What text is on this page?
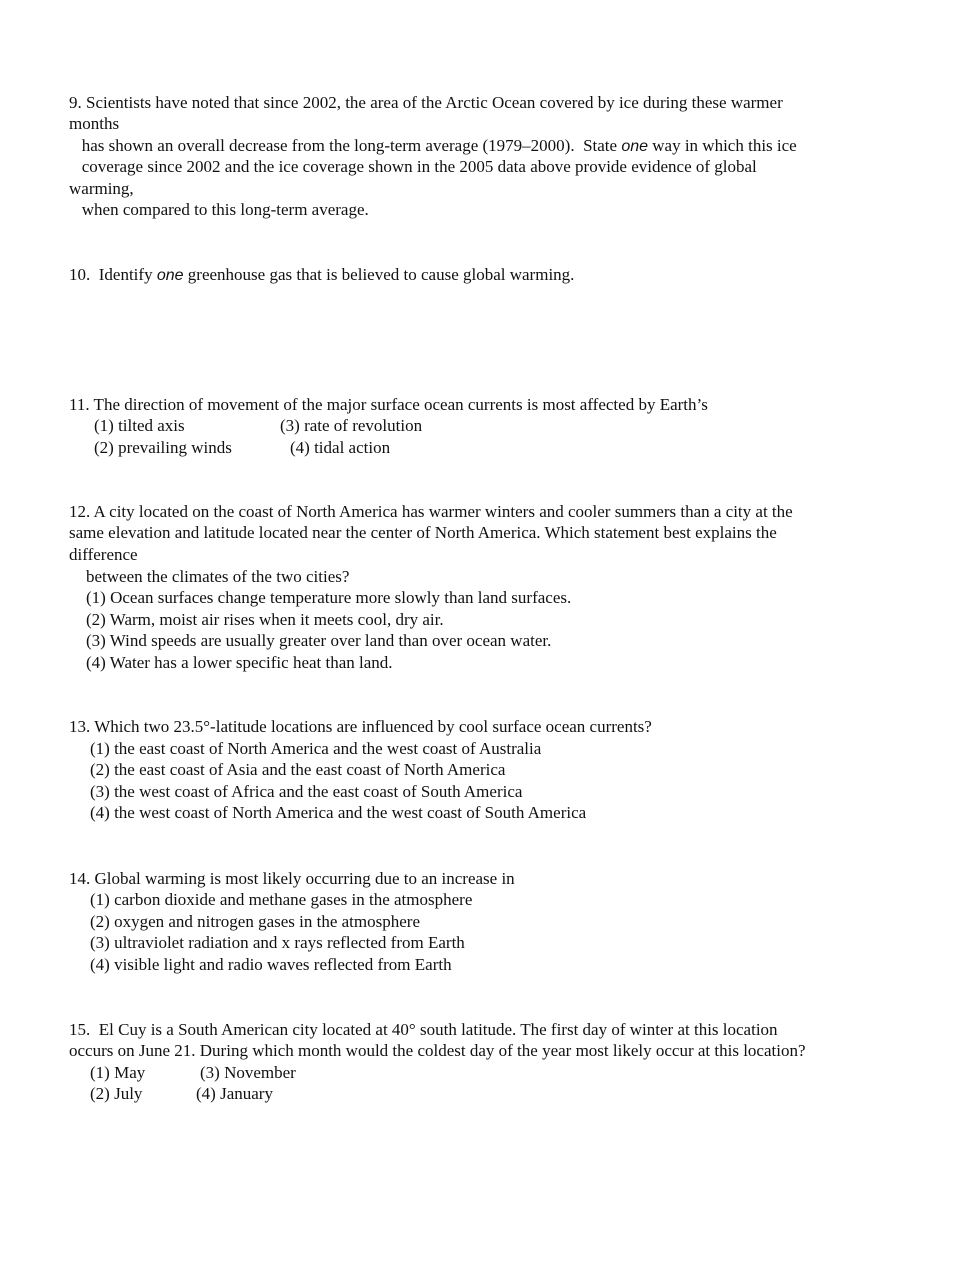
9. Scientists have noted that since 2002, the area of the Arctic Ocean covered by ice during these warmer
months
has shown an overall decrease from the long-term average (1979–2000).  State one way in which this ice
coverage since 2002 and the ice coverage shown in the 2005 data above provide evidence of global
warming,
when compared to this long-term average.
10.  Identify one greenhouse gas that is believed to cause global warming.
11. The direction of movement of the major surface ocean currents is most affected by Earth’s
(1) tilted axis	(3) rate of revolution
(2) prevailing winds	(4) tidal action
12. A city located on the coast of North America has warmer winters and cooler summers than a city at the
same elevation and latitude located near the center of North America. Which statement best explains the
difference
between the climates of the two cities?
(1) Ocean surfaces change temperature more slowly than land surfaces.
(2) Warm, moist air rises when it meets cool, dry air.
(3) Wind speeds are usually greater over land than over ocean water.
(4) Water has a lower specific heat than land.
13. Which two 23.5°-latitude locations are influenced by cool surface ocean currents?
(1) the east coast of North America and the west coast of Australia
(2) the east coast of Asia and the east coast of North America
(3) the west coast of Africa and the east coast of South America
(4) the west coast of North America and the west coast of South America
14. Global warming is most likely occurring due to an increase in
(1) carbon dioxide and methane gases in the atmosphere
(2) oxygen and nitrogen gases in the atmosphere
(3) ultraviolet radiation and x rays reflected from Earth
(4) visible light and radio waves reflected from Earth
15.  El Cuy is a South American city located at 40° south latitude. The first day of winter at this location
occurs on June 21. During which month would the coldest day of the year most likely occur at this location?
(1) May	(3) November
(2) July	(4) January
